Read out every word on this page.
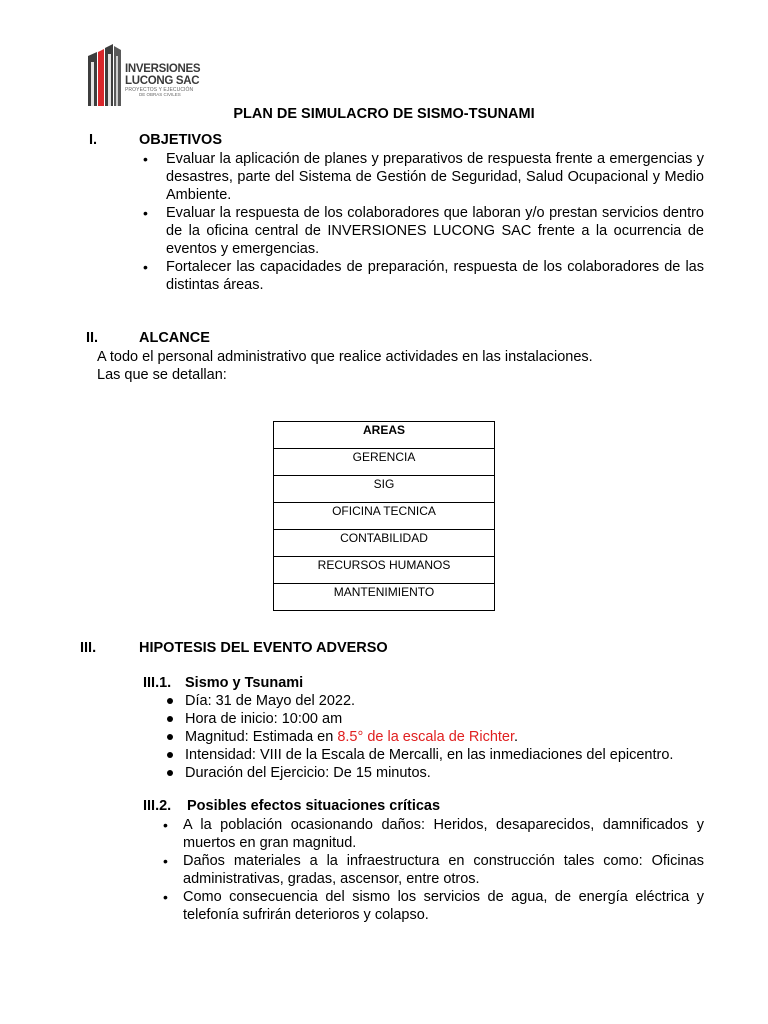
INVERSIONES
LUCONG SAC
PROYECTOS Y EJECUCIÓN
DE OBRAS CIVILES
PLAN DE SIMULACRO DE SISMO-TSUNAMI
I.	OBJETIVOS
• Evaluar la aplicación de planes y preparativos de respuesta frente a emergencias y desastres, parte del Sistema de Gestión de Seguridad, Salud Ocupacional y Medio Ambiente.
• Evaluar la respuesta de los colaboradores que laboran y/o prestan servicios dentro de la oficina central de INVERSIONES LUCONG SAC frente a la ocurrencia de eventos y emergencias.
• Fortalecer las capacidades de preparación, respuesta de los colaboradores de las distintas áreas.
II.	ALCANCE
A todo el personal administrativo que realice actividades en las instalaciones.
Las que se detallan:
AREAS
GERENCIA
SIG
OFICINA TECNICA
CONTABILIDAD
RECURSOS HUMANOS
MANTENIMIENTO
III.	HIPOTESIS DEL EVENTO ADVERSO
III.1. Sismo y Tsunami
Día: 31 de Mayo del 2022.
Hora de inicio: 10:00 am
Magnitud: Estimada en 8.5° de la escala de Richter.
Intensidad: VIII de la Escala de Mercalli, en las inmediaciones del epicentro.
Duración del Ejercicio: De 15 minutos.
III.2. Posibles efectos situaciones críticas
• A la población ocasionando daños: Heridos, desaparecidos, damnificados y muertos en gran magnitud.
• Daños materiales a la infraestructura en construcción tales como: Oficinas administrativas, gradas, ascensor, entre otros.
• Como consecuencia del sismo los servicios de agua, de energía eléctrica y telefonía sufrirán deterioros y colapso.
